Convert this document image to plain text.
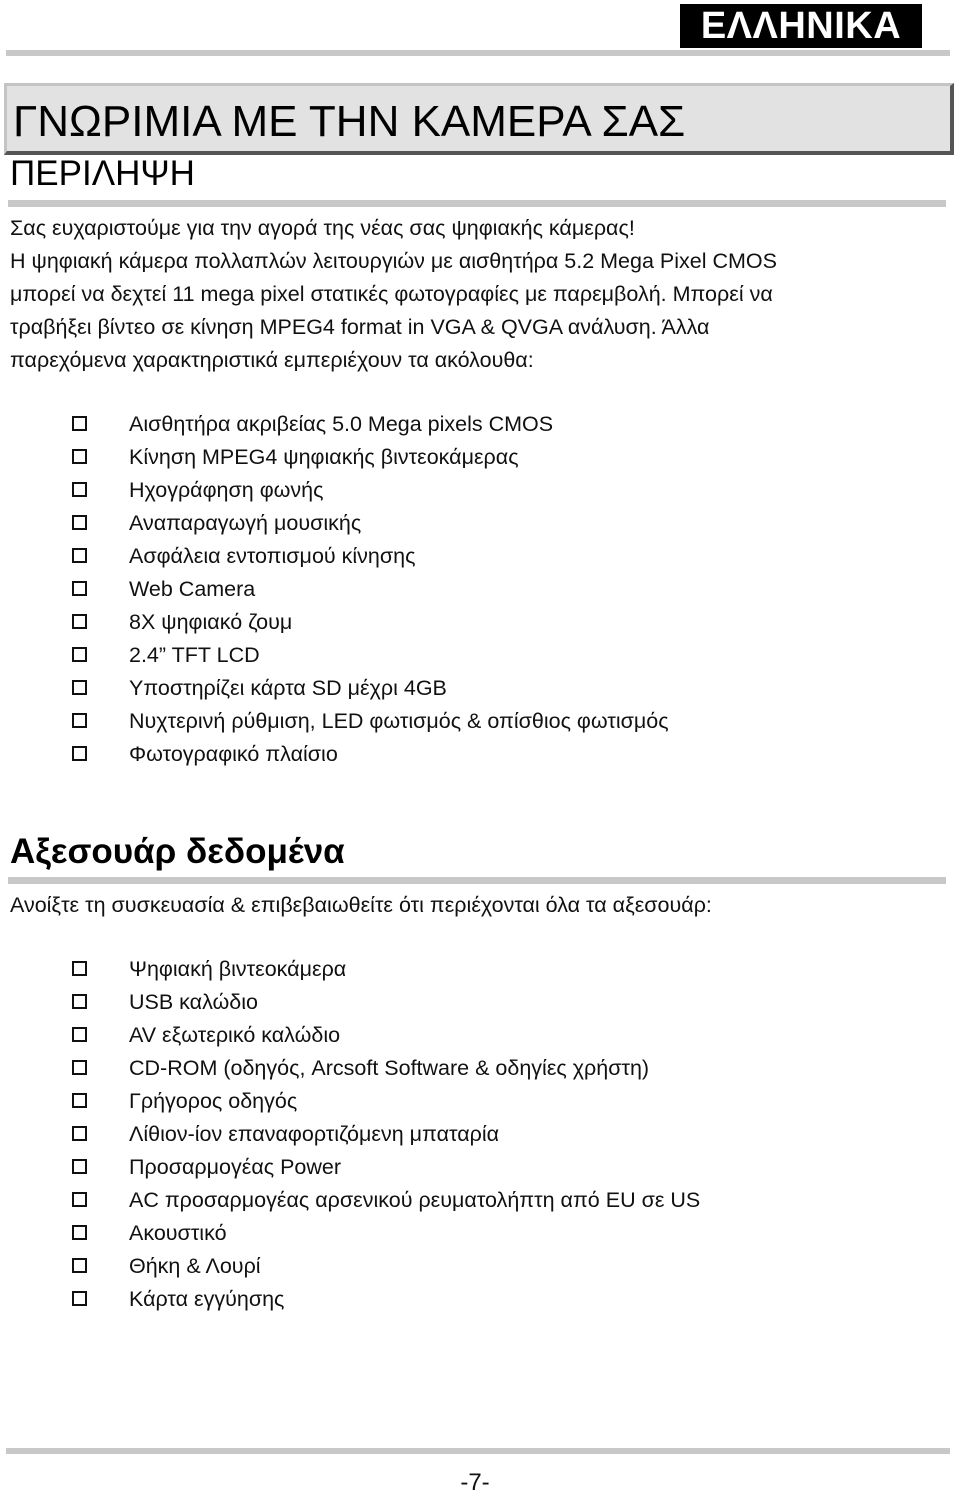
ΕΛΛΗΝΙΚΑ
ΓΝΩΡΙΜΙΑ ΜΕ ΤΗΝ ΚΑΜΕΡΑ ΣΑΣ
ΠΕΡΙΛΗΨΗ
Σας ευχαριστούμε για την αγορά της νέας σας ψηφιακής κάμερας!
Η ψηφιακή κάμερα πολλαπλών λειτουργιών με αισθητήρα 5.2 Mega Pixel CMOS
μπορεί να δεχτεί 11 mega pixel στατικές φωτογραφίες με παρεμβολή. Μπορεί να
τραβήξει βίντεο σε κίνηση MPEG4 format in VGA & QVGA ανάλυση. Άλλα
παρεχόμενα χαρακτηριστικά εμπεριέχουν τα ακόλουθα:
Αισθητήρα ακριβείας 5.0 Mega pixels CMOS
Κίνηση MPEG4 ψηφιακής βιντεοκάμερας
Ηχογράφηση φωνής
Αναπαραγωγή μουσικής
Ασφάλεια εντοπισμού κίνησης
Web Camera
8X ψηφιακό ζουμ
2.4” TFT LCD
Υποστηρίζει κάρτα SD μέχρι 4GB
Νυχτερινή ρύθμιση, LED φωτισμός & οπίσθιος φωτισμός
Φωτογραφικό πλαίσιο
Αξεσουάρ δεδομένα
Ανοίξτε τη συσκευασία & επιβεβαιωθείτε ότι περιέχονται όλα τα αξεσουάρ:
Ψηφιακή βιντεοκάμερα
USB καλώδιο
AV εξωτερικό καλώδιο
CD-ROM (οδηγός, Arcsoft Software & οδηγίες χρήστη)
Γρήγορος οδηγός
Λίθιον-ίον επαναφορτιζόμενη μπαταρία
Προσαρμογέας Power
AC προσαρμογέας αρσενικού ρευματολήπτη από EU σε US
Ακουστικό
Θήκη & Λουρί
Κάρτα εγγύησης
-7-
